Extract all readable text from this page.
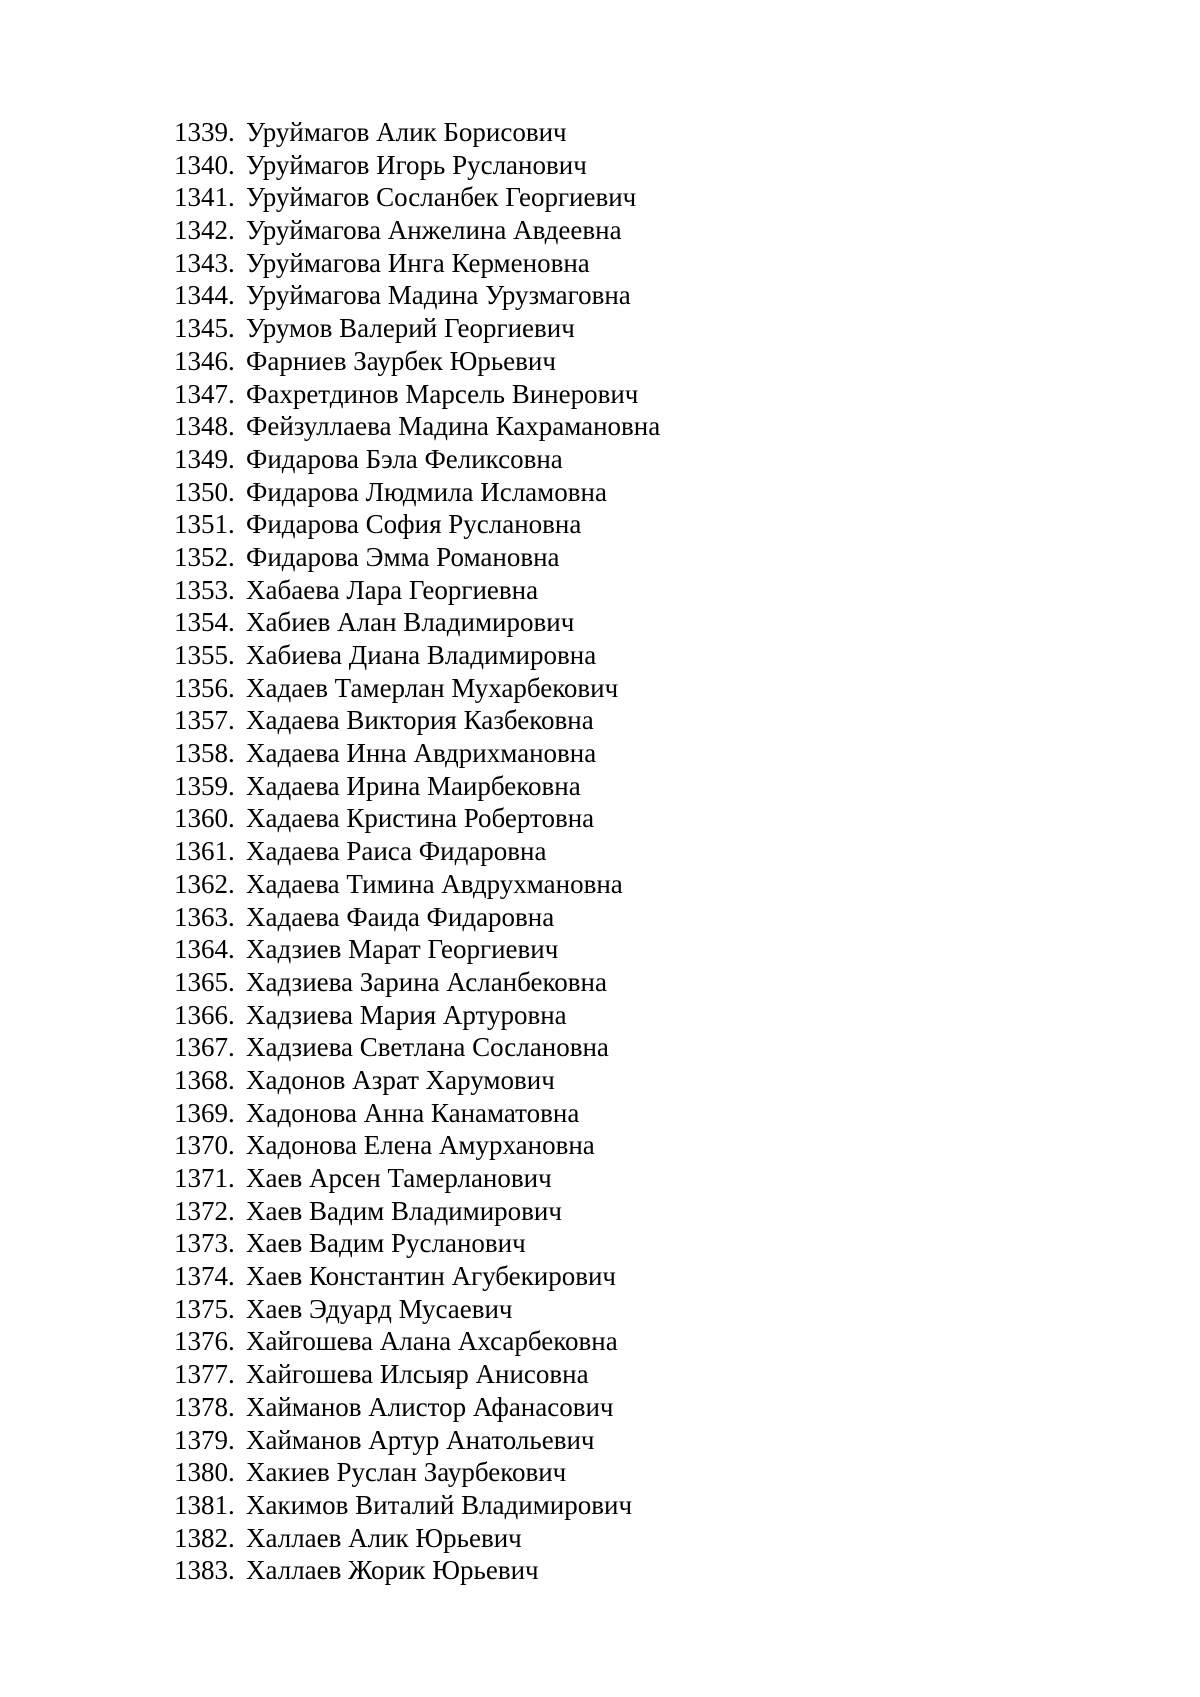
1339. Уруймагов Алик Борисович
1340. Уруймагов Игорь Русланович
1341. Уруймагов Сосланбек Георгиевич
1342. Уруймагова Анжелина Авдеевна
1343. Уруймагова Инга Керменовна
1344. Уруймагова Мадина Урузмаговна
1345. Урумов Валерий Георгиевич
1346. Фарниев Заурбек Юрьевич
1347. Фахретдинов Марсель Винерович
1348. Фейзуллаева Мадина Кахрамановна
1349. Фидарова Бэла Феликсовна
1350. Фидарова Людмила Исламовна
1351. Фидарова София Руслановна
1352. Фидарова Эмма Романовна
1353. Хабаева Лара Георгиевна
1354. Хабиев Алан Владимирович
1355. Хабиева Диана Владимировна
1356. Хадаев Тамерлан Мухарбекович
1357. Хадаева Виктория Казбековна
1358. Хадаева Инна Авдрихмановна
1359. Хадаева Ирина Маирбековна
1360. Хадаева Кристина Робертовна
1361. Хадаева Раиса Фидаровна
1362. Хадаева Тимина Авдрухмановна
1363. Хадаева Фаида Фидаровна
1364. Хадзиев Марат Георгиевич
1365. Хадзиева Зарина Асланбековна
1366. Хадзиева Мария Артуровна
1367. Хадзиева Светлана Сослановна
1368. Хадонов Азрат Харумович
1369. Хадонова Анна Канаматовна
1370. Хадонова Елена Амурхановна
1371. Хаев Арсен Тамерланович
1372. Хаев Вадим Владимирович
1373. Хаев Вадим Русланович
1374. Хаев Константин Агубекирович
1375. Хаев Эдуард Мусаевич
1376. Хайгошева Алана Ахсарбековна
1377. Хайгошева Илсыяр Анисовна
1378. Хайманов Алистор Афанасович
1379. Хайманов Артур Анатольевич
1380. Хакиев Руслан Заурбекович
1381. Хакимов Виталий Владимирович
1382. Халлаев Алик Юрьевич
1383. Халлаев Жорик Юрьевич
